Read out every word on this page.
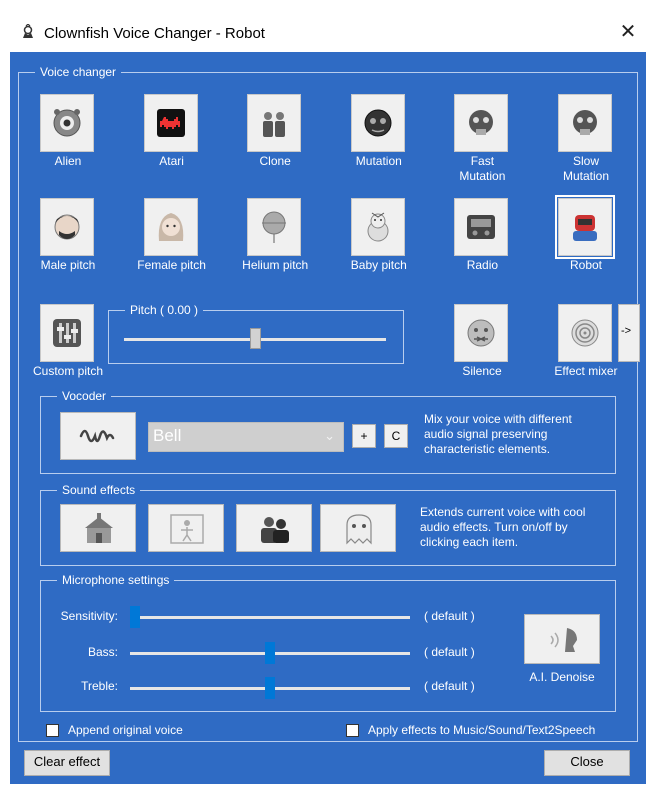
Clownfish Voice Changer - Robot	✕
Voice changer
Alien	Atari	Clone	Mutation	Fast
Mutation
Slow
Mutation
Male pitch	Female pitch	Helium pitch	Baby pitch	Radio	Robot
Custom pitch
Pitch ( 0.00 )
Silence	Effect mixer
->
Vocoder
Bell	⌄	+	C
Mix your voice with different audio signal preserving characteristic elements.
Sound effects
Extends current voice with cool audio effects. Turn on/off by clicking each item.
Microphone settings
Sensitivity:	( default )
Bass:	( default )
Treble:	( default )
A.I. Denoise
Append original voice	Apply effects to Music/Sound/Text2Speech
Clear effect	Close
